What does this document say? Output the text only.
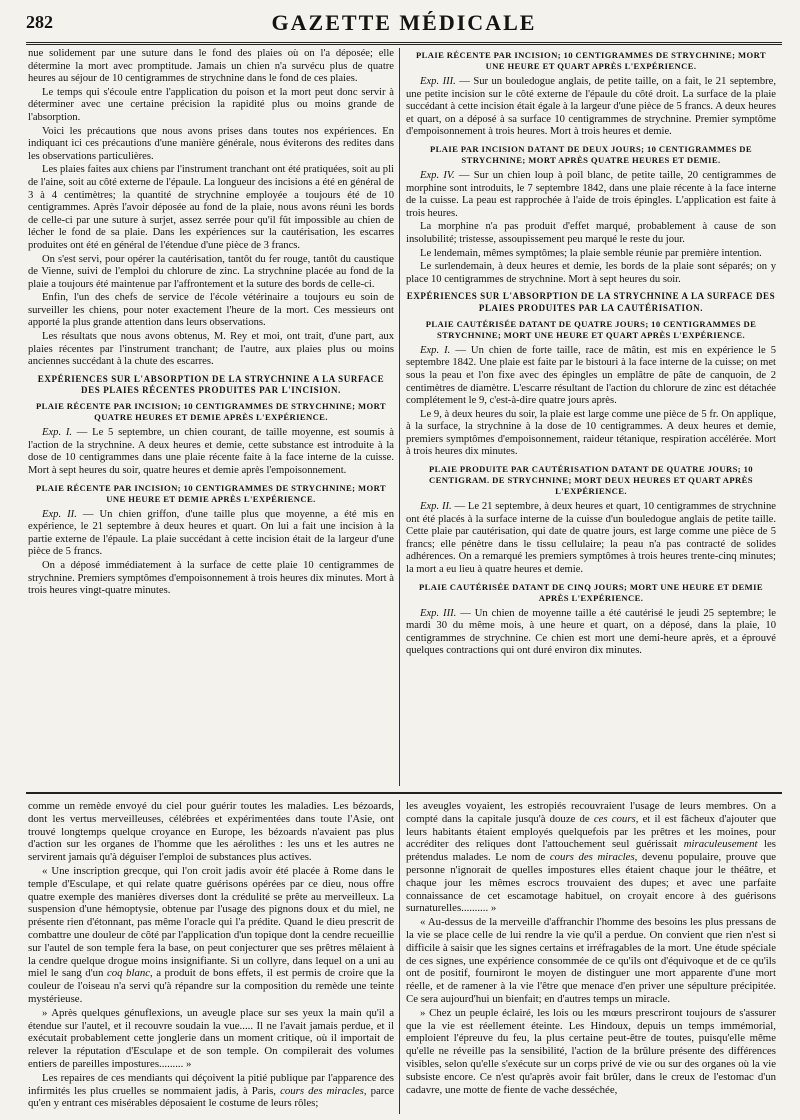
282	GAZETTE MÉDICALE

nue solidement par une suture dans le fond des plaies où on l'a déposée; elle détermine la mort avec promptitude. Jamais un chien n'a survécu plus de quatre heures au séjour de 10 centigrammes de strychnine dans le fond de ces plaies.

Le temps qui s'écoule entre l'application du poison et la mort peut donc servir à déterminer avec une certaine précision la rapidité plus ou moins grande de l'absorption.

Voici les précautions que nous avons prises dans toutes nos expériences. En indiquant ici ces précautions d'une manière générale, nous éviterons des redites dans les observations particulières.

Les plaies faites aux chiens par l'instrument tranchant ont été pratiquées, soit au pli de l'aine, soit au côté externe de l'épaule. La longueur des incisions a été en général de 3 à 4 centimètres; la quantité de strychnine employée a toujours été de 10 centigrammes. Après l'avoir déposée au fond de la plaie, nous avons réuni les bords de celle-ci par une suture à surjet, assez serrée pour qu'il fût impossible au chien de lécher le fond de sa plaie. Dans les expériences sur la cautérisation, les escarres produites ont été en général de l'étendue d'une pièce de 3 francs.

On s'est servi, pour opérer la cautérisation, tantôt du fer rouge, tantôt du caustique de Vienne, suivi de l'emploi du chlorure de zinc. La strychnine placée au fond de la plaie a toujours été maintenue par l'affrontement et la suture des bords de celle-ci.

Enfin, l'un des chefs de service de l'école vétérinaire a toujours eu soin de surveiller les chiens, pour noter exactement l'heure de la mort. Ces messieurs ont apporté la plus grande attention dans leurs observations.

Les résultats que nous avons obtenus, M. Rey et moi, ont trait, d'une part, aux plaies récentes par l'instrument tranchant; de l'autre, aux plaies plus ou moins anciennes succédant à la chute des escarres.

EXPÉRIENCES SUR L'ABSORPTION DE LA STRYCHNINE A LA SURFACE DES PLAIES RÉCENTES PRODUITES PAR L'INCISION.
PLAIE RÉCENTE PAR INCISION; 10 CENTIGRAMMES DE STRYCHNINE; MORT QUATRE HEURES ET DEMIE APRÈS L'EXPÉRIENCE.

Exp. I. — Le 5 septembre, un chien courant, de taille moyenne, est soumis à l'action de la strychnine. A deux heures et demie, cette substance est introduite à la dose de 10 centigrammes dans une plaie récente faite à la face interne de la cuisse. Mort à sept heures du soir, quatre heures et demie après l'empoisonnement.

PLAIE RÉCENTE PAR INCISION; 10 CENTIGRAMMES DE STRYCHNINE; MORT UNE HEURE ET DEMIE APRÈS L'EXPÉRIENCE.

Exp. II. — Un chien griffon, d'une taille plus que moyenne, a été mis en expérience, le 21 septembre à deux heures et quart. On lui a fait une incision à la partie externe de l'épaule. La plaie succédant à cette incision était de la largeur d'une pièce de 5 francs.

On a déposé immédiatement à la surface de cette plaie 10 centigrammes de strychnine. Premiers symptômes d'empoisonnement à trois heures dix minutes. Mort à trois heures vingt-quatre minutes.

PLAIE RÉCENTE PAR INCISION; 10 CENTIGRAMMES DE STRYCHNINE; MORT UNE HEURE ET QUART APRÈS L'EXPÉRIENCE.

Exp. III. — Sur un bouledogue anglais, de petite taille, on a fait, le 21 septembre, une petite incision sur le côté externe de l'épaule du côté droit. La surface de la plaie succédant à cette incision était égale à la largeur d'une pièce de 5 francs. A deux heures et quart, on a déposé à sa surface 10 centigrammes de strychnine. Premier symptôme d'empoisonnement à trois heures. Mort à trois heures et demie.

PLAIE PAR INCISION DATANT DE DEUX JOURS; 10 CENTIGRAMMES DE STRYCHNINE; MORT APRÈS QUATRE HEURES ET DEMIE.

Exp. IV. — Sur un chien loup à poil blanc, de petite taille, 20 centigrammes de morphine sont introduits, le 7 septembre 1842, dans une plaie récente à la face interne de la cuisse. La peau est rapprochée à l'aide de trois épingles. L'application est faite à trois heures.

La morphine n'a pas produit d'effet marqué, probablement à cause de son insolubilité; tristesse, assoupissement peu marqué le reste du jour.

Le lendemain, mêmes symptômes; la plaie semble réunie par première intention.

Le surlendemain, à deux heures et demie, les bords de la plaie sont séparés; on y place 10 centigrammes de strychnine. Mort à sept heures du soir.

EXPÉRIENCES SUR L'ABSORPTION DE LA STRYCHNINE A LA SURFACE DES PLAIES PRODUITES PAR LA CAUTÉRISATION.
PLAIE CAUTÉRISÉE DATANT DE QUATRE JOURS; 10 CENTIGRAMMES DE STRYCHNINE; MORT UNE HEURE ET QUART APRÈS L'EXPÉRIENCE.

Exp. I. — Un chien de forte taille, race de mâtin, est mis en expérience le 5 septembre 1842. Une plaie est faite par le bistouri à la face interne de la cuisse; on met sous la peau et l'on fixe avec des épingles un emplâtre de pâte de canquoin, de 2 centimètres de diamètre. L'escarre résultant de l'action du chlorure de zinc est détachée complétement le 9, c'est-à-dire quatre jours après.

Le 9, à deux heures du soir, la plaie est large comme une pièce de 5 fr. On applique, à la surface, la strychnine à la dose de 10 centigrammes. A deux heures et demie, premiers symptômes d'empoisonnement, raideur tétanique, respiration accélérée. Mort à trois heures dix minutes.

PLAIE PRODUITE PAR CAUTÉRISATION DATANT DE QUATRE JOURS; 10 CENTIGRAM. DE STRYCHNINE; MORT DEUX HEURES ET QUART APRÈS L'EXPÉRIENCE.

Exp. II. — Le 21 septembre, à deux heures et quart, 10 centigrammes de strychnine ont été placés à la surface interne de la cuisse d'un bouledogue anglais de petite taille. Cette plaie par cautérisation, qui date de quatre jours, est large comme une pièce de 5 francs; elle pénètre dans le tissu cellulaire; la peau n'a pas contracté de solides adhérences. On a remarqué les premiers symptômes à trois heures trente-cinq minutes; la mort a eu lieu à quatre heures et demie.

PLAIE CAUTÉRISÉE DATANT DE CINQ JOURS; MORT UNE HEURE ET DEMIE APRÈS L'EXPÉRIENCE.

Exp. III. — Un chien de moyenne taille a été cautérisé le jeudi 25 septembre; le mardi 30 du même mois, à une heure et quart, on a déposé, dans la plaie, 10 centigrammes de strychnine. Ce chien est mort une demi-heure après, et a éprouvé quelques contractions qui ont duré environ dix minutes.

comme un remède envoyé du ciel pour guérir toutes les maladies. Les bézoards, dont les vertus merveilleuses, célébrées et expérimentées dans toute l'Asie, ont trouvé longtemps quelque croyance en Europe, les bézoards n'avaient pas plus d'action sur les organes de l'homme que les aérolithes : les uns et les autres ne servirent jamais qu'à déguiser l'emploi de substances plus actives.

« Une inscription grecque, qui l'on croit jadis avoir été placée à Rome dans le temple d'Esculape, et qui relate quatre guérisons opérées par ce dieu, nous offre quatre exemple des manières diverses dont la crédulité se prête au merveilleux. La suspension d'une hémoptysie, obtenue par l'usage des pignons doux et du miel, ne présente rien d'étonnant, pas même l'oracle qui l'a prédite. Quand le dieu prescrit de combattre une douleur de côté par l'application d'un topique dont la cendre recueillie sur l'autel de son temple fera la base, on peut conjecturer que ses prêtres mêlaient à la cendre quelque drogue moins insignifiante. Si un collyre, dans lequel on a uni au miel le sang d'un coq blanc, a produit de bons effets, il est permis de croire que la couleur de l'oiseau n'a servi qu'à répandre sur la composition du remède une teinte mystérieuse.

» Après quelques génuflexions, un aveugle place sur ses yeux la main qu'il a étendue sur l'autel, et il recouvre soudain la vue..... Il ne l'avait jamais perdue, et il exécutait probablement cette jonglerie dans un moment critique, où il importait de relever la réputation d'Esculape et de son temple. On compilerait des volumes entiers de pareilles impostures......... »

Les repaires de ces mendiants qui déçoivent la pitié publique par l'apparence des infirmités les plus cruelles se nommaient jadis, à Paris, cours des miracles, parce qu'en y entrant ces misérables déposaient le costume de leurs rôles;

les aveugles voyaient, les estropiés recouvraient l'usage de leurs membres. On a compté dans la capitale jusqu'à douze de ces cours, et il est fâcheux d'ajouter que leurs habitants étaient employés quelquefois par les prêtres et les moines, pour accréditer des reliques dont l'attouchement seul guérissait miraculeusement les prétendus malades. Le nom de cours des miracles, devenu populaire, prouve que personne n'ignorait de quelles impostures elles étaient chaque jour le théâtre, et chaque jour les mêmes escrocs trouvaient des dupes; et avec une parfaite connaissance de cet escamotage habituel, on croyait encore à des guérisons surnaturelles.......... »

« Au-dessus de la merveille d'affranchir l'homme des besoins les plus pressans de la vie se place celle de lui rendre la vie qu'il a perdue. On convient que rien n'est si difficile à saisir que les signes certains et irréfragables de la mort. Une étude spéciale de ces signes, une expérience consommée de ce qu'ils ont d'équivoque et de ce qu'ils ont de positif, fourniront le moyen de distinguer une mort apparente d'une mort réelle, et de ramener à la vie l'être que menace d'en priver une sépulture précipitée. Ce sera aujourd'hui un bienfait; en d'autres temps un miracle.

» Chez un peuple éclairé, les lois ou les mœurs prescriront toujours de s'assurer que la vie est réellement éteinte. Les Hindoux, depuis un temps immémorial, emploient l'épreuve du feu, la plus certaine peut-être de toutes, puisqu'elle même qu'elle ne réveille pas la sensibilité, l'action de la brûlure présente des différences visibles, selon qu'elle s'exécute sur un corps privé de vie ou sur des organes où la vie subsiste encore. Ce n'est qu'après avoir fait brûler, dans le creux de l'estomac d'un cadavre, une motte de fiente de vache desséchée,
